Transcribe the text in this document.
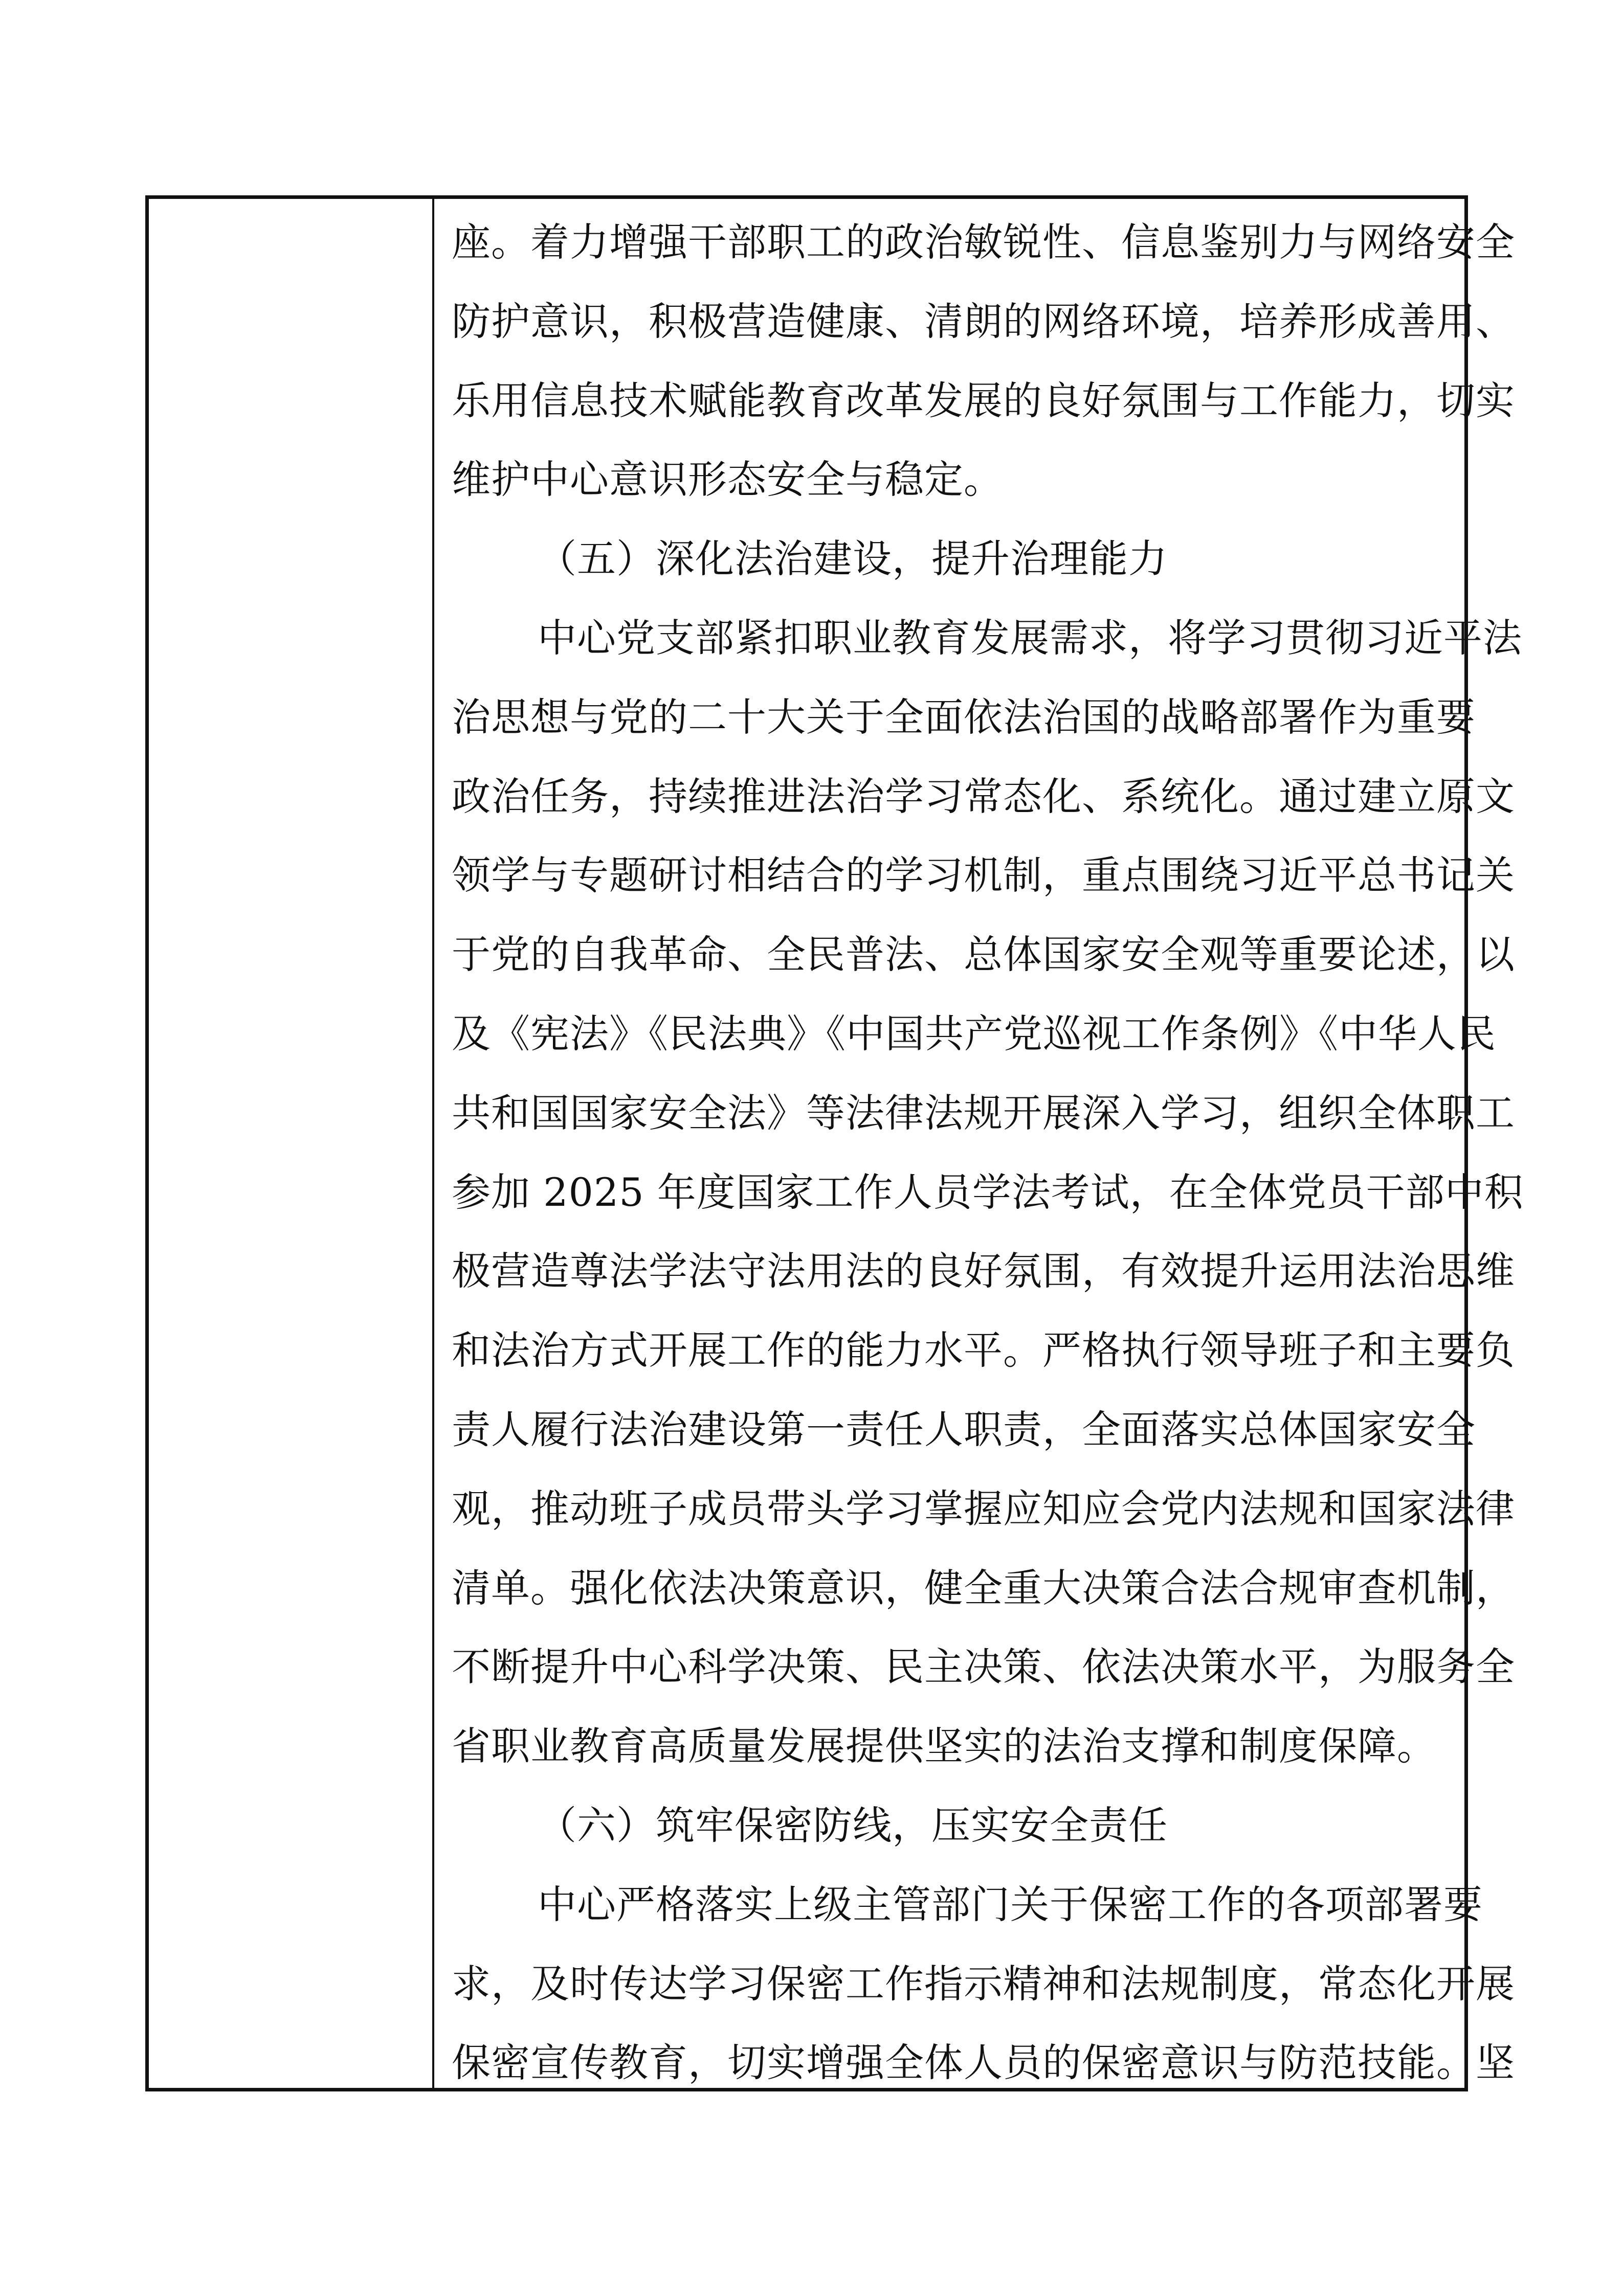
座。着力增强干部职工的政治敏锐性、信息鉴别力与网络安全
防护意识，积极营造健康、清朗的网络环境，培养形成善用、
乐用信息技术赋能教育改革发展的良好氛围与工作能力，切实
维护中心意识形态安全与稳定。
（五）深化法治建设，提升治理能力
中心党支部紧扣职业教育发展需求，将学习贯彻习近平法
治思想与党的二十大关于全面依法治国的战略部署作为重要
政治任务，持续推进法治学习常态化、系统化。通过建立原文
领学与专题研讨相结合的学习机制，重点围绕习近平总书记关
于党的自我革命、全民普法、总体国家安全观等重要论述，以
及《宪法》《民法典》《中国共产党巡视工作条例》《中华人民
共和国国家安全法》等法律法规开展深入学习，组织全体职工
参加 2025 年度国家工作人员学法考试，在全体党员干部中积
极营造尊法学法守法用法的良好氛围，有效提升运用法治思维
和法治方式开展工作的能力水平。严格执行领导班子和主要负
责人履行法治建设第一责任人职责，全面落实总体国家安全
观，推动班子成员带头学习掌握应知应会党内法规和国家法律
清单。强化依法决策意识，健全重大决策合法合规审查机制，
不断提升中心科学决策、民主决策、依法决策水平，为服务全
省职业教育高质量发展提供坚实的法治支撑和制度保障。
（六）筑牢保密防线，压实安全责任
中心严格落实上级主管部门关于保密工作的各项部署要
求，及时传达学习保密工作指示精神和法规制度，常态化开展
保密宣传教育，切实增强全体人员的保密意识与防范技能。坚
